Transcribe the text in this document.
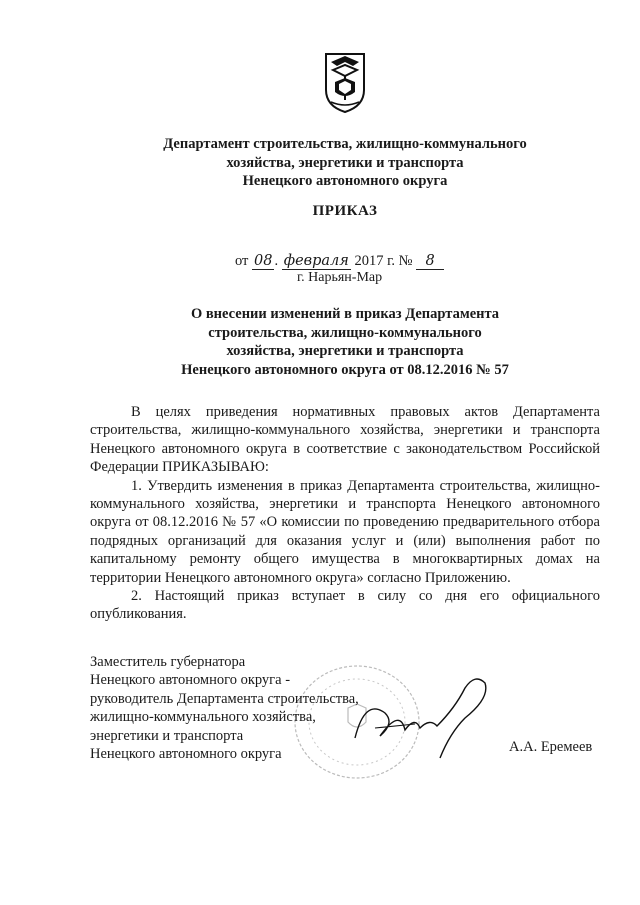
Департамент строительства, жилищно-коммунального
хозяйства, энергетики и транспорта
Ненецкого автономного округа
ПРИКАЗ
от 08 . февраля 2017 г. № 8
г. Нарьян-Мар
О внесении изменений в приказ Департамента
строительства, жилищно-коммунального
хозяйства, энергетики и транспорта
Ненецкого автономного округа от 08.12.2016 № 57

В целях приведения нормативных правовых актов Департамента строительства, жилищно-коммунального хозяйства, энергетики и транспорта Ненецкого автономного округа в соответствие с законодательством Российской Федерации ПРИКАЗЫВАЮ:

1. Утвердить изменения в приказ Департамента строительства, жилищно-коммунального хозяйства, энергетики и транспорта Ненецкого автономного округа от 08.12.2016 № 57 «О комиссии по проведению предварительного отбора подрядных организаций для оказания услуг и (или) выполнения работ по капитальному ремонту общего имущества в многоквартирных домах на территории Ненецкого автономного округа» согласно Приложению.

2. Настоящий приказ вступает в силу со дня его официального опубликования.

Заместитель губернатора
Ненецкого автономного округа -
руководитель Департамента строительства,
жилищно-коммунального хозяйства,
энергетики и транспорта
Ненецкого автономного округа	А.А. Еремеев
